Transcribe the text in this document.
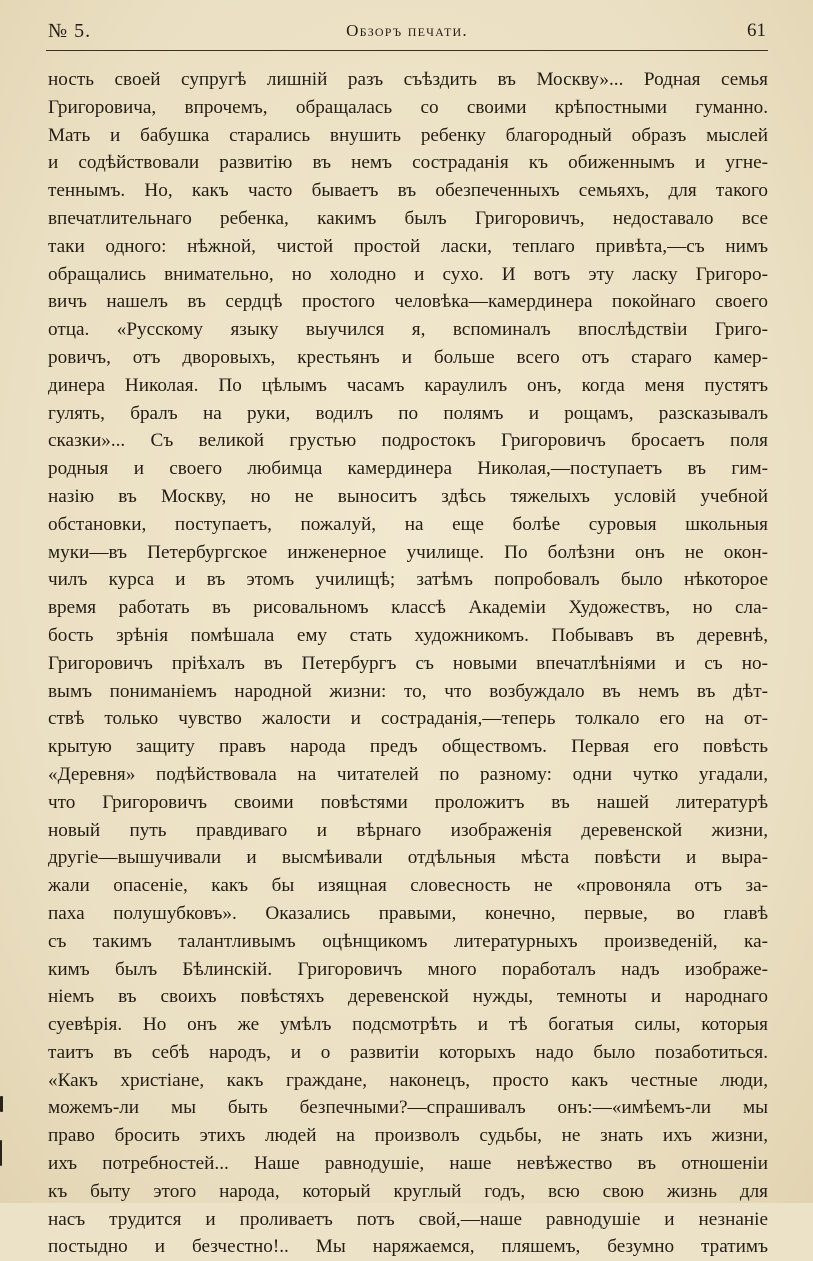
№ 5.	Обзоръ печати.	61
ность своей супругѣ лишній разъ съѣздить въ Москву»... Родная семья
Григоровича, впрочемъ, обращалась со своими крѣпостными гуманно.
Мать и бабушка старались внушить ребенку благородный образъ мыслей
и содѣйствовали развитію въ немъ состраданія къ обиженнымъ и угне-
теннымъ. Но, какъ часто бываетъ въ обезпеченныхъ семьяхъ, для такого
впечатлительнаго ребенка, какимъ былъ Григоровичъ, недоставало все
таки одного: нѣжной, чистой простой ласки, теплаго привѣта,—съ нимъ
обращались внимательно, но холодно и сухо. И вотъ эту ласку Григоро-
вичъ нашелъ въ сердцѣ простого человѣка—камердинера покойнаго своего
отца. «Русскому языку выучился я, вспоминалъ впослѣдствіи Григо-
ровичъ, отъ дворовыхъ, крестьянъ и больше всего отъ стараго камер-
динера Николая. По цѣлымъ часамъ караулилъ онъ, когда меня пустятъ
гулять, бралъ на руки, водилъ по полямъ и рощамъ, разсказывалъ
сказки»... Съ великой грустью подростокъ Григоровичъ бросаетъ поля
родныя и своего любимца камердинера Николая,—поступаетъ въ гим-
назію въ Москву, но не выноситъ здѣсь тяжелыхъ условій учебной
обстановки, поступаетъ, пожалуй, на еще болѣе суровыя школьныя
муки—въ Петербургское инженерное училище. По болѣзни онъ не окон-
чилъ курса и въ этомъ училищѣ; затѣмъ попробовалъ было нѣкоторое
время работать въ рисовальномъ классѣ Академіи Художествъ, но сла-
бость зрѣнія помѣшала ему стать художникомъ. Побывавъ въ деревнѣ,
Григоровичъ пріѣхалъ въ Петербургъ съ новыми впечатлѣніями и съ но-
вымъ пониманіемъ народной жизни: то, что возбуждало въ немъ въ дѣт-
ствѣ только чувство жалости и состраданія,—теперь толкало его на от-
крытую защиту правъ народа предъ обществомъ. Первая его повѣсть
«Деревня» подѣйствовала на читателей по разному: одни чутко угадали,
что Григоровичъ своими повѣстями проложитъ въ нашей литературѣ
новый путь правдиваго и вѣрнаго изображенія деревенской жизни,
другіе—вышучивали и высмѣивали отдѣльныя мѣста повѣсти и выра-
жали опасеніе, какъ бы изящная словесность не «провоняла отъ за-
паха полушубковъ». Оказались правыми, конечно, первые, во главѣ
съ такимъ талантливымъ оцѣнщикомъ литературныхъ произведеній, ка-
кимъ былъ Бѣлинскій. Григоровичъ много поработалъ надъ изображе-
ніемъ въ своихъ повѣстяхъ деревенской нужды, темноты и народнаго
суевѣрія. Но онъ же умѣлъ подсмотрѣть и тѣ богатыя силы, которыя
таитъ въ себѣ народъ, и о развитіи которыхъ надо было позаботиться.
«Какъ христіане, какъ граждане, наконецъ, просто какъ честные люди,
можемъ-ли мы быть безпечными?—спрашивалъ онъ:—«имѣемъ-ли мы
право бросить этихъ людей на произволъ судьбы, не знать ихъ жизни,
ихъ потребностей... Наше равнодушіе, наше невѣжество въ отношеніи
къ быту этого народа, который круглый годъ, всю свою жизнь для
насъ трудится и проливаетъ потъ свой,—наше равнодушіе и незнаніе
постыдно и безчестно!.. Мы наряжаемся, пляшемъ, безумно тратимъ
